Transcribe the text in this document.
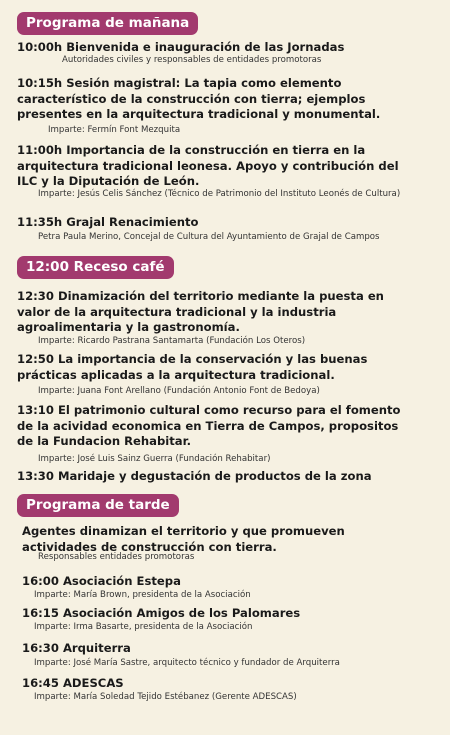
Programa de mañana
12:00 Receso café
Programa de tarde
10:00h Bienvenida e inauguración de las Jornadas
Autoridades civiles y responsables de entidades promotoras
10:15h Sesión magistral: La tapia como elemento característico de la construcción con tierra; ejemplos presentes en la arquitectura tradicional y monumental.
Imparte: Fermín Font Mezquita
11:00h Importancia de la construcción en tierra en la arquitectura tradicional leonesa. Apoyo y contribución del ILC y la Diputación de León.
Imparte: Jesús Celis Sánchez (Técnico de Patrimonio del Instituto Leonés de Cultura)
11:35h Grajal Renacimiento
Petra Paula Merino, Concejal de Cultura del Ayuntamiento de Grajal de Campos
12:30 Dinamización del territorio mediante la puesta en valor de la arquitectura tradicional y la industria agroalimentaria y la gastronomía.
Imparte: Ricardo Pastrana Santamarta (Fundación Los Oteros)
12:50 La importancia de la conservación y las buenas prácticas aplicadas a la arquitectura tradicional.
Imparte: Juana Font Arellano (Fundación Antonio Font de Bedoya)
13:10 El patrimonio cultural como recurso para el fomento de la acividad economica en Tierra de Campos, propositos de la Fundacion Rehabitar.
Imparte: José Luis Sainz Guerra (Fundación Rehabitar)
13:30 Maridaje y degustación de productos de la zona
Agentes dinamizan el territorio y que promueven actividades de construcción con tierra.
Responsables entidades promotoras
16:00 Asociación Estepa
Imparte: María Brown, presidenta de la Asociación
16:15 Asociación Amigos de los Palomares
Imparte: Irma Basarte, presidenta de la Asociación
16:30 Arquiterra
Imparte: José María Sastre, arquitecto técnico y fundador de Arquiterra
16:45 ADESCAS
Imparte: María Soledad Tejido Estébanez (Gerente ADESCAS)
